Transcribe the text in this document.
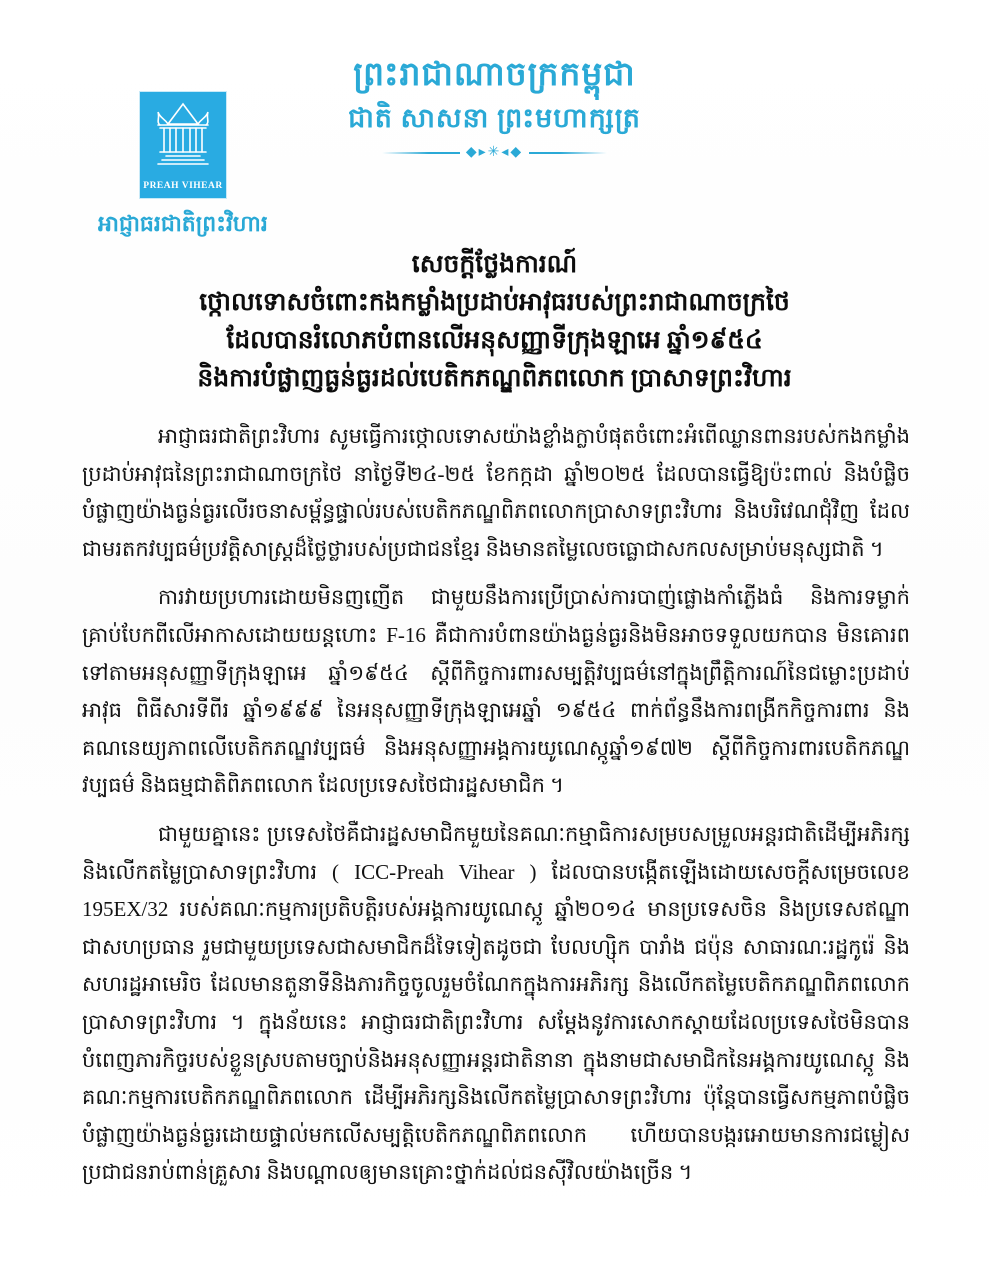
ព្រះរាជាណាចក្រកម្ពុជា
ជាតិ សាសនា ព្រះមហាក្សត្រ
◆▸✳◂◆
PREAH VIHEAR
អាជ្ញាធរជាតិព្រះវិហារ
សេចក្តីថ្លែងការណ៍
ថ្កោលទោសចំពោះកងកម្លាំងប្រដាប់អាវុធរបស់ព្រះរាជាណាចក្រថៃ
ដែលបានរំលោភបំពានលើអនុសញ្ញាទីក្រុងឡាអេ ឆ្នាំ១៩៥៤
និងការបំផ្លាញធ្ងន់ធ្ងរដល់បេតិកភណ្ឌពិភពលោក ប្រាសាទព្រះវិហារ

អាជ្ញាធរជាតិព្រះវិហារ សូមធ្វើការថ្កោលទោសយ៉ាងខ្លាំងក្លាបំផុតចំពោះអំពើឈ្លានពានរបស់កងកម្លាំងប្រដាប់អាវុធនៃព្រះរាជាណាចក្រថៃ នាថ្ងៃទី២៤-២៥ ខែកក្កដា ឆ្នាំ២០២៥ ដែលបានធ្វើឱ្យប៉ះពាល់ និងបំផ្លិចបំផ្លាញយ៉ាងធ្ងន់ធ្ងរលើរចនាសម្ព័ន្ធផ្ទាល់របស់បេតិកភណ្ឌពិភពលោកប្រាសាទព្រះវិហារ និងបរិវេណជុំវិញ ដែលជាមរតកវប្បធម៌ប្រវត្តិសាស្ត្រដ៏ថ្លៃថ្លារបស់ប្រជាជនខ្មែរ និងមានតម្លៃលេចធ្លោជាសកលសម្រាប់មនុស្សជាតិ ។

ការវាយប្រហារដោយមិនញញើត ជាមួយនឹងការប្រើប្រាស់ការបាញ់ផ្លោងកាំភ្លើងធំ និងការទម្លាក់គ្រាប់បែកពីលើអាកាសដោយយន្តហោះ F-16 គឺជាការបំពានយ៉ាងធ្ងន់ធ្ងរនិងមិនអាចទទួលយកបាន មិនគោរពទៅតាមអនុសញ្ញាទីក្រុងឡាអេ ឆ្នាំ១៩៥៤ ស្តីពីកិច្ចការពារសម្បត្តិវប្បធម៌នៅក្នុងព្រឹត្តិការណ៍នៃជម្លោះប្រដាប់អាវុធ ពិធីសារទីពីរ ឆ្នាំ១៩៩៩ នៃអនុសញ្ញាទីក្រុងឡាអេឆ្នាំ ១៩៥៤ ពាក់ព័ន្ធនឹងការពង្រីកកិច្ចការពារ និងគណនេយ្យភាពលើបេតិកភណ្ឌវប្បធម៌ និងអនុសញ្ញាអង្គការយូណេស្កូឆ្នាំ១៩៧២ ស្តីពីកិច្ចការពារបេតិកភណ្ឌវប្បធម៌ និងធម្មជាតិពិភពលោក ដែលប្រទេសថៃជារដ្ឋសមាជិក ។

ជាមួយគ្នានេះ ប្រទេសថៃគឺជារដ្ឋសមាជិកមួយនៃគណៈកម្មាធិការសម្របសម្រួលអន្តរជាតិដើម្បីអភិរក្សនិងលើកតម្លៃប្រាសាទព្រះវិហារ ( ICC-Preah Vihear ) ដែលបានបង្កើតឡើងដោយសេចក្តីសម្រេចលេខ 195EX/32 របស់គណៈកម្មការប្រតិបត្តិរបស់អង្គការយូណេស្កូ ឆ្នាំ២០១៤ មានប្រទេសចិន និងប្រទេសឥណ្ឌា ជាសហប្រធាន រួមជាមួយប្រទេសជាសមាជិកដ៏ទៃទៀតដូចជា បែលហ្ស៊ិក បារាំង ជប៉ុន សាធារណៈរដ្ឋកូរ៉េ និងសហរដ្ឋអាមេរិច ដែលមានតួនាទីនិងភារកិច្ចចូលរួមចំណែកក្នុងការអភិរក្ស និងលើកតម្លៃបេតិកភណ្ឌពិភពលោកប្រាសាទព្រះវិហារ ។ ក្នុងន័យនេះ អាជ្ញាធរជាតិព្រះវិហារ សម្តែងនូវការសោកស្តាយដែលប្រទេសថៃមិនបានបំពេញភារកិច្ចរបស់ខ្លួនស្របតាមច្បាប់និងអនុសញ្ញាអន្តរជាតិនានា ក្នុងនាមជាសមាជិកនៃអង្គការយូណេស្កូ និងគណៈកម្មការបេតិកភណ្ឌពិភពលោក ដើម្បីអភិរក្សនិងលើកតម្លៃប្រាសាទព្រះវិហារ ប៉ុន្តែបានធ្វើសកម្មភាពបំផ្លិចបំផ្លាញយ៉ាងធ្ងន់ធ្ងរដោយផ្ទាល់មកលើសម្បត្តិបេតិកភណ្ឌពិភពលោក ហើយបានបង្ករអោយមានការជម្លៀសប្រជាជនរាប់ពាន់គ្រួសារ និងបណ្តាលឲ្យមានគ្រោះថ្នាក់ដល់ជនស៊ីវិលយ៉ាងច្រើន ។
